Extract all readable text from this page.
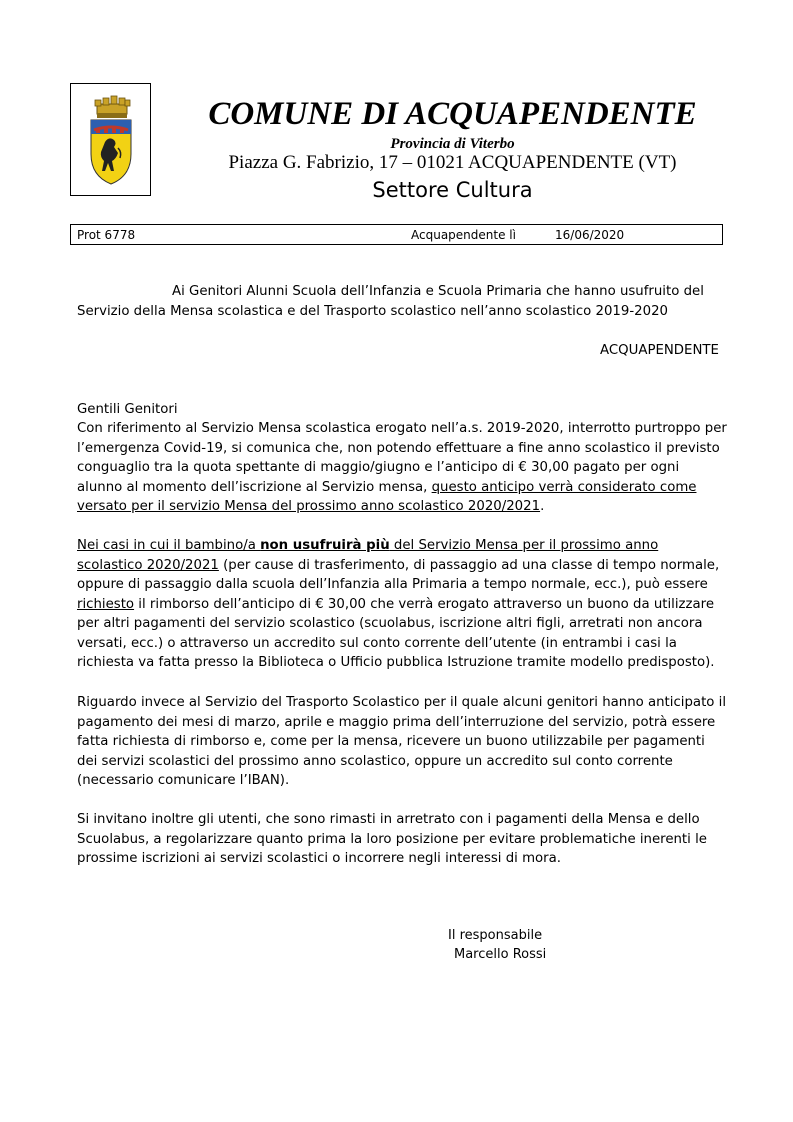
COMUNE DI ACQUAPENDENTE
Provincia di Viterbo
Piazza G. Fabrizio, 17 – 01021 ACQUAPENDENTE (VT)
Settore Cultura
Prot 6778	Acquapendente lì	16/06/2020
Ai Genitori Alunni Scuola dell’Infanzia e Scuola Primaria che hanno usufruito del
Servizio della Mensa scolastica e del Trasporto scolastico nell’anno scolastico 2019-2020
ACQUAPENDENTE
Gentili Genitori

Con riferimento al Servizio Mensa scolastica erogato nell’a.s. 2019-2020, interrotto purtroppo per l’emergenza Covid-19, si comunica che, non potendo effettuare a fine anno scolastico il previsto conguaglio tra la quota spettante di maggio/giugno e l’anticipo di € 30,00 pagato per ogni alunno al momento dell’iscrizione al Servizio mensa, questo anticipo verrà considerato come versato per il servizio Mensa del prossimo anno scolastico 2020/2021.

Nei casi in cui il bambino/a non usufruirà più del Servizio Mensa per il prossimo anno scolastico 2020/2021 (per cause di trasferimento, di passaggio ad una classe di tempo normale, oppure di passaggio dalla scuola dell’Infanzia alla Primaria a tempo normale, ecc.), può essere richiesto il rimborso dell’anticipo di € 30,00 che verrà erogato attraverso un buono da utilizzare per altri pagamenti del servizio scolastico (scuolabus, iscrizione altri figli, arretrati non ancora versati, ecc.) o attraverso un accredito sul conto corrente dell’utente (in entrambi i casi la richiesta va fatta presso la Biblioteca o Ufficio pubblica Istruzione tramite modello predisposto).

Riguardo invece al Servizio del Trasporto Scolastico per il quale alcuni genitori hanno anticipato il pagamento dei mesi di marzo, aprile e maggio prima dell’interruzione del servizio, potrà essere fatta richiesta di rimborso e, come per la mensa, ricevere un buono utilizzabile per pagamenti dei servizi scolastici del prossimo anno scolastico, oppure un accredito sul conto corrente (necessario comunicare l’IBAN).

Si invitano inoltre gli utenti, che sono rimasti in arretrato con i pagamenti della Mensa e dello Scuolabus, a regolarizzare quanto prima la loro posizione per evitare problematiche inerenti le prossime iscrizioni ai servizi scolastici o incorrere negli interessi di mora.

Il responsabile
Marcello Rossi
